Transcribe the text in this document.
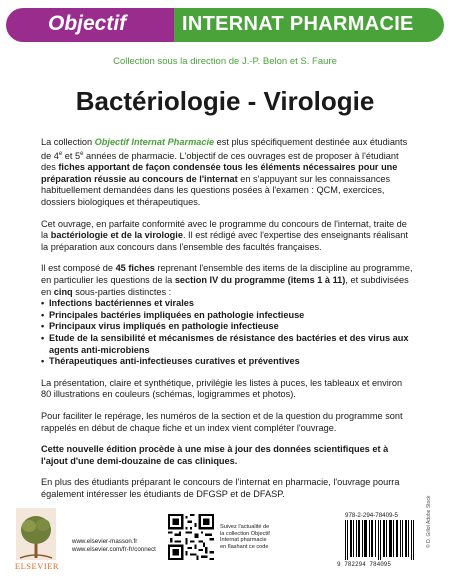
Objectif	INTERNAT PHARMACIE
Collection sous la direction de J.-P. Belon et S. Faure
Bactériologie - Virologie

La collection Objectif Internat Pharmacie est plus spécifiquement destinée aux étudiants de 4e et 5e années de pharmacie. L'objectif de ces ouvrages est de proposer à l'étudiant des fiches apportant de façon condensée tous les éléments nécessaires pour une préparation réussie au concours de l'internat en s'appuyant sur les connaissances habituellement demandées dans les questions posées à l'examen : QCM, exercices, dossiers biologiques et thérapeutiques.

Cet ouvrage, en parfaite conformité avec le programme du concours de l'internat, traite de la bactériologie et de la virologie. Il est rédigé avec l'expertise des enseignants réalisant la préparation aux concours dans l'ensemble des facultés françaises.

Il est composé de 45 fiches reprenant l'ensemble des items de la discipline au programme, en particulier les questions de la section IV du programme (items 1 à 11), et subdivisées en cinq sous-parties distinctes :

• Infections bactériennes et virales
• Principales bactéries impliquées en pathologie infectieuse
• Principaux virus impliqués en pathologie infectieuse
• Etude de la sensibilité et mécanismes de résistance des bactéries et des virus aux agents anti-microbiens
• Thérapeutiques anti-infectieuses curatives et préventives

La présentation, claire et synthétique, privilégie les listes à puces, les tableaux et environ 80 illustrations en couleurs (schémas, logigrammes et photos).

Pour faciliter le repérage, les numéros de la section et de la question du programme sont rappelés en début de chaque fiche et un index vient compléter l'ouvrage.

Cette nouvelle édition procède à une mise à jour des données scientifiques et à l'ajout d'une demi-douzaine de cas cliniques.

En plus des étudiants préparant le concours de l'internat en pharmacie, l'ouvrage pourra également intéresser les étudiants de DFGSP et de DFASP.

ELSEVIER
www.elsevier-masson.fr
www.elsevier.com/fr-fr/connect
Suivez l'actualité de
la collection Objectif
Internat pharmacie
en flashant ce code
978-2-294-78409-5
9 782294 784095
© D. Gillot Adobe Stock
